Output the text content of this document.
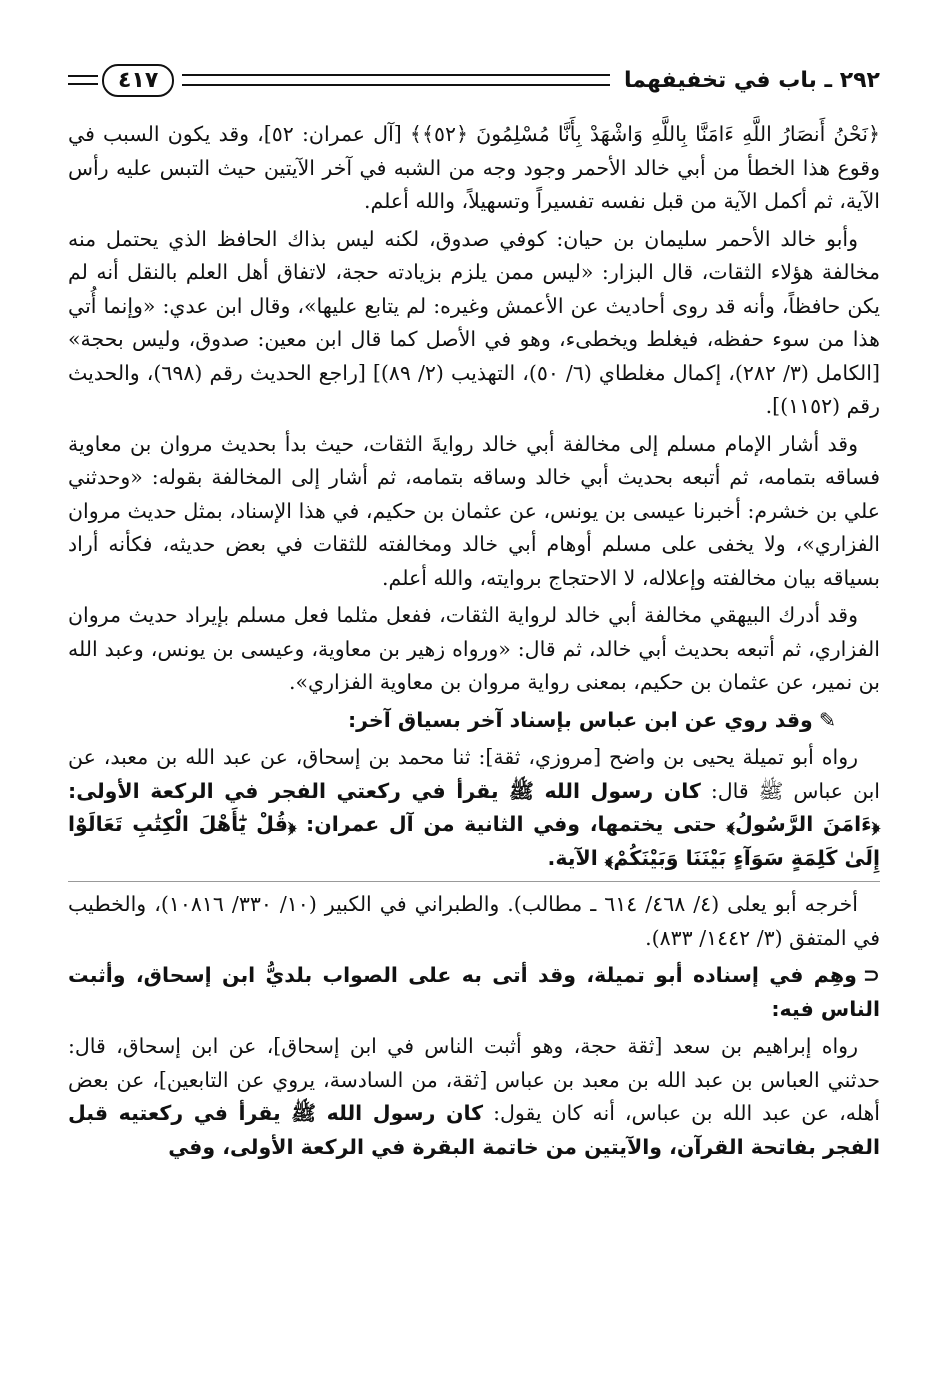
٢٩٢ ـ باب في تخفيفهما
٤١٧

﴿نَحْنُ أَنصَارُ اللَّهِ ءَامَنَّا بِاللَّهِ وَاشْهَدْ بِأَنَّا مُسْلِمُونَ ﴿٥٢﴾﴾ [آل عمران: ٥٢]، وقد يكون السبب في وقوع هذا الخطأ من أبي خالد الأحمر وجود وجه من الشبه في آخر الآيتين حيث التبس عليه رأس الآية، ثم أكمل الآية من قبل نفسه تفسيراً وتسهيلاً، والله أعلم.

وأبو خالد الأحمر سليمان بن حيان: كوفي صدوق، لكنه ليس بذاك الحافظ الذي يحتمل منه مخالفة هؤلاء الثقات، قال البزار: «ليس ممن يلزم بزيادته حجة، لاتفاق أهل العلم بالنقل أنه لم يكن حافظاً، وأنه قد روى أحاديث عن الأعمش وغيره: لم يتابع عليها»، وقال ابن عدي: «وإنما أُتي هذا من سوء حفظه، فيغلط ويخطىء، وهو في الأصل كما قال ابن معين: صدوق، وليس بحجة» [الكامل (٣/ ٢٨٢)، إكمال مغلطاي (٦/ ٥٠)، التهذيب (٢/ ٨٩)] [راجع الحديث رقم (٦٩٨)، والحديث رقم (١١٥٢)].

وقد أشار الإمام مسلم إلى مخالفة أبي خالد روايةَ الثقات، حيث بدأ بحديث مروان بن معاوية فساقه بتمامه، ثم أتبعه بحديث أبي خالد وساقه بتمامه، ثم أشار إلى المخالفة بقوله: «وحدثني علي بن خشرم: أخبرنا عيسى بن يونس، عن عثمان بن حكيم، في هذا الإسناد، بمثل حديث مروان الفزاري»، ولا يخفى على مسلم أوهام أبي خالد ومخالفته للثقات في بعض حديثه، فكأنه أراد بسياقه بيان مخالفته وإعلاله، لا الاحتجاج بروايته، والله أعلم.

وقد أدرك البيهقي مخالفة أبي خالد لرواية الثقات، ففعل مثلما فعل مسلم بإيراد حديث مروان الفزاري، ثم أتبعه بحديث أبي خالد، ثم قال: «ورواه زهير بن معاوية، وعيسى بن يونس، وعبد الله بن نمير، عن عثمان بن حكيم، بمعنى رواية مروان بن معاوية الفزاري».

✎وقد روي عن ابن عباس بإسناد آخر بسياق آخر:

رواه أبو تميلة يحيى بن واضح [مروزي، ثقة]: ثنا محمد بن إسحاق، عن عبد الله بن معبد، عن ابن عباس ﷺ قال: كان رسول الله ﷺ يقرأ في ركعتي الفجر في الركعة الأولى: ﴿ءَامَنَ الرَّسُولُ﴾ حتى يختمها، وفي الثانية من آل عمران: ﴿قُلْ يَٰٓأَهْلَ الْكِتَٰبِ تَعَالَوْا إِلَىٰ كَلِمَةٍ سَوَآءٍ بَيْنَنَا وَبَيْنَكُمْ﴾ الآية.

أخرجه أبو يعلى (٤/ ٤٦٨/ ٦١٤ ـ مطالب). والطبراني في الكبير (١٠/ ٣٣٠/ ١٠٨١٦)، والخطيب في المتفق (٣/ ١٤٤٢/ ٨٣٣).

⊂وهِم في إسناده أبو تميلة، وقد أتى به على الصواب بلديُّ ابن إسحاق، وأثبت الناس فيه:

رواه إبراهيم بن سعد [ثقة حجة، وهو أثبت الناس في ابن إسحاق]، عن ابن إسحاق، قال: حدثني العباس بن عبد الله بن معبد بن عباس [ثقة، من السادسة، يروي عن التابعين]، عن بعض أهله، عن عبد الله بن عباس، أنه كان يقول: كان رسول الله ﷺ يقرأ في ركعتيه قبل الفجر بفاتحة القرآن، والآيتين من خاتمة البقرة في الركعة الأولى، وفي
